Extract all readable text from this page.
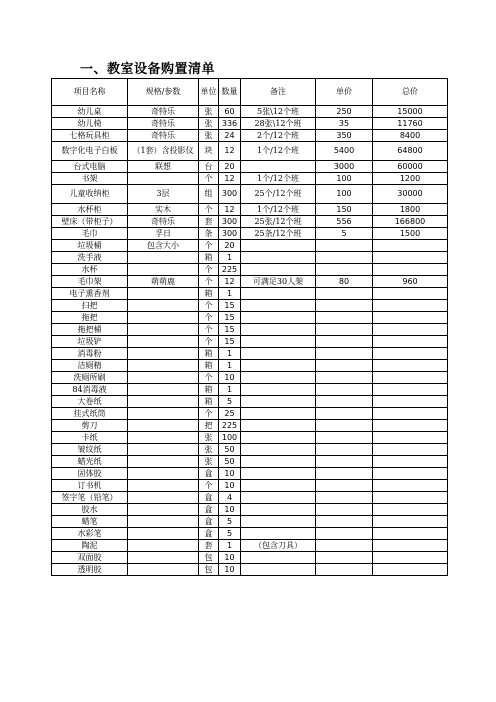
一、教室设备购置清单
项目名称	规格/参数	单位	数量	备注	单价	总价
幼儿桌	奇特乐	张	60	5张\12个班	250	15000
幼儿椅	奇特乐	张	336	28张\12个班	35	11760
七格玩具柜	奇特乐	张	24	2个/12个班	350	8400
数字化电子白板	（1套）含投影仪	块	12	1个/12个班	5400	64800
台式电脑	联想	台	20		3000	60000
书架		个	12	1个/12个班	100	1200
儿童收纳柜	3层	组	300	25个/12个班	100	30000
水杯柜	实木	个	12	1个/12个班	150	1800
壁床（带柜子）	奇特乐	套	300	25张/12个班	556	166800
毛巾	孚日	条	300	25条/12个班	5	1500
垃圾桶	包含大小	个	20			
洗手液		箱	1			
水杯		个	225			
毛巾架	萌萌鹿	个	12	可满足30人架	80	960
电子熏香剂		箱	1			
扫把		个	15			
拖把		个	15			
拖把桶		个	15			
垃圾铲		个	15			
消毒粉		箱	1			
洁厕精		箱	1			
洗厕所刷		个	10			
84消毒液		箱	1			
大卷纸		箱	5			
挂式纸筒		个	25			
剪刀		把	225			
卡纸		张	100			
皱纹纸		张	50			
蜡光纸		张	50			
固体胶		盒	10			
订书机		个	10			
签字笔（铅笔）		盒	4			
胶水		盒	10			
蜡笔		盒	5			
水彩笔		盒	5			
陶泥		套	1	（包含刀具）		
双面胶		包	10			
透明胶		包	10			
